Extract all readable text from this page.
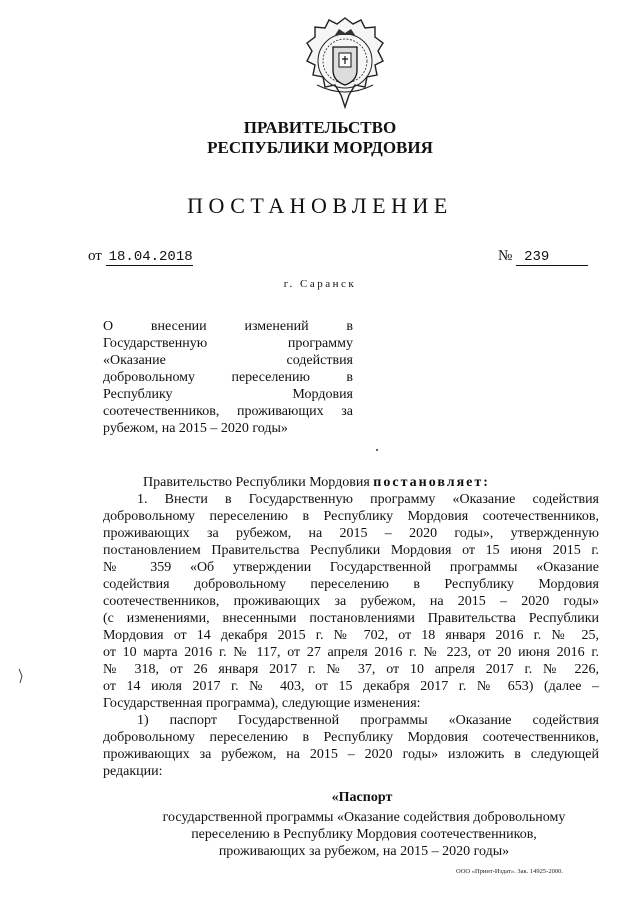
ПРАВИТЕЛЬСТВО
РЕСПУБЛИКИ МОРДОВИЯ
ПОСТАНОВЛЕНИЕ
от 18.04.2018	№ 239
г. Саранск
О внесении изменений в
Государственную программу
«Оказание содействия
добровольному переселению в
Республику Мордовия
соотечественников, проживающих за
рубежом, на 2015 – 2020 годы»
Правительство Республики Мордовия постановляет:
1. Внести в Государственную программу «Оказание содействия
добровольному переселению в Республику Мордовия соотечественников,
проживающих за рубежом, на 2015 – 2020 годы», утвержденную
постановлением Правительства Республики Мордовия от 15 июня 2015 г.
№ 359 «Об утверждении Государственной программы «Оказание
содействия добровольному переселению в Республику Мордовия
соотечественников, проживающих за рубежом, на 2015 – 2020 годы»
(с изменениями, внесенными постановлениями Правительства Республики
Мордовия от 14 декабря 2015 г. № 702, от 18 января 2016 г. № 25,
от 10 марта 2016 г. № 117, от 27 апреля 2016 г. № 223, от 20 июня 2016 г.
№ 318, от 26 января 2017 г. № 37, от 10 апреля 2017 г. № 226,
от 14 июля 2017 г. № 403, от 15 декабря 2017 г. № 653) (далее –
Государственная программа), следующие изменения:
1) паспорт Государственной программы «Оказание содействия
добровольному переселению в Республику Мордовия соотечественников,
проживающих за рубежом, на 2015 – 2020 годы» изложить в следующей
редакции:
«Паспорт
государственной программы «Оказание содействия добровольному
переселению в Республику Мордовия соотечественников,
проживающих за рубежом, на 2015 – 2020 годы»
ООО «Принт-Издат». Зак. 14925-2000.
